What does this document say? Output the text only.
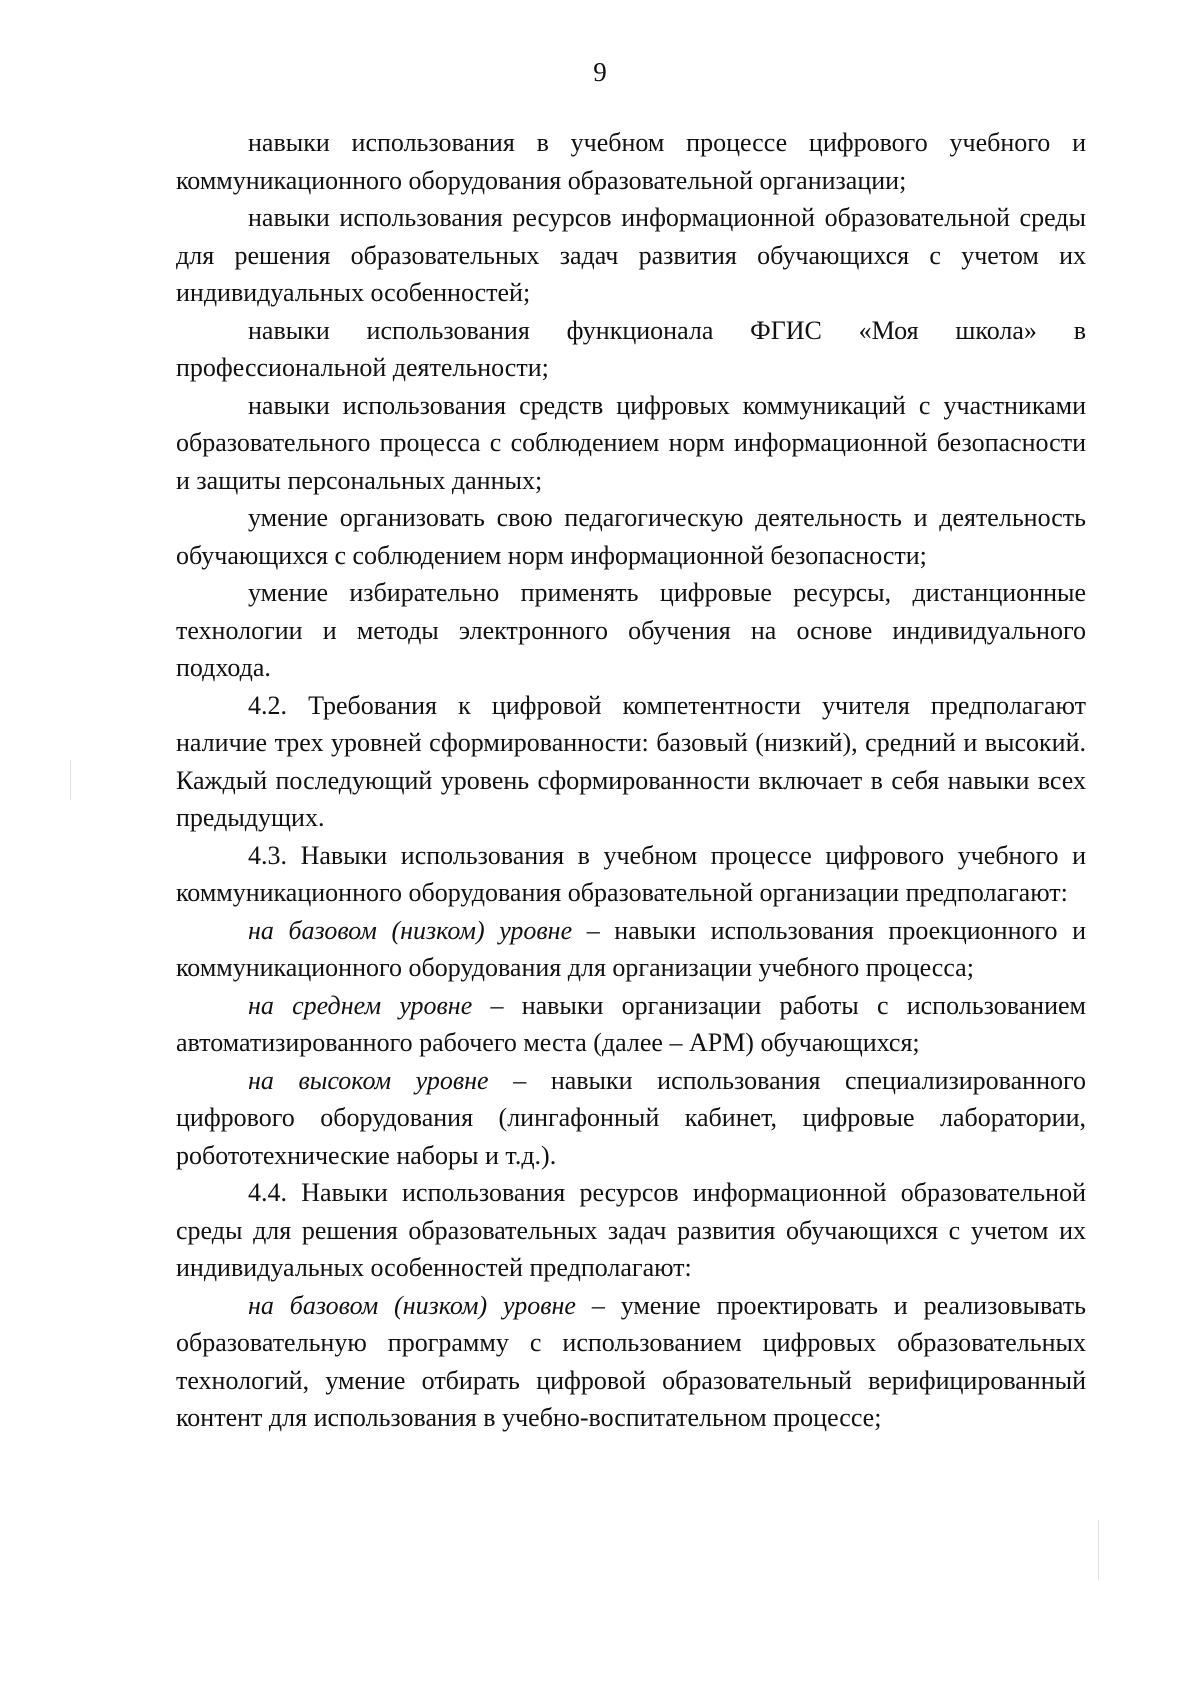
9

навыки использования в учебном процессе цифрового учебного и коммуникационного оборудования образовательной организации;

навыки использования ресурсов информационной образовательной среды для решения образовательных задач развития обучающихся с учетом их индивидуальных особенностей;

навыки использования функционала ФГИС «Моя школа» в профессиональной деятельности;

навыки использования средств цифровых коммуникаций с участниками образовательного процесса с соблюдением норм информационной безопасности и защиты персональных данных;

умение организовать свою педагогическую деятельность и деятельность обучающихся с соблюдением норм информационной безопасности;

умение избирательно применять цифровые ресурсы, дистанционные технологии и методы электронного обучения на основе индивидуального подхода.

4.2. Требования к цифровой компетентности учителя предполагают наличие трех уровней сформированности: базовый (низкий), средний и высокий. Каждый последующий уровень сформированности включает в себя навыки всех предыдущих.

4.3. Навыки использования в учебном процессе цифрового учебного и коммуникационного оборудования образовательной организации предполагают:

на базовом (низком) уровне – навыки использования проекционного и коммуникационного оборудования для организации учебного процесса;

на среднем уровне – навыки организации работы с использованием автоматизированного рабочего места (далее – АРМ) обучающихся;

на высоком уровне – навыки использования специализированного цифрового оборудования (лингафонный кабинет, цифровые лаборатории, робототехнические наборы и т.д.).

4.4. Навыки использования ресурсов информационной образовательной среды для решения образовательных задач развития обучающихся с учетом их индивидуальных особенностей предполагают:

на базовом (низком) уровне – умение проектировать и реализовывать образовательную программу с использованием цифровых образовательных технологий, умение отбирать цифровой образовательный верифицированный контент для использования в учебно-воспитательном процессе;
